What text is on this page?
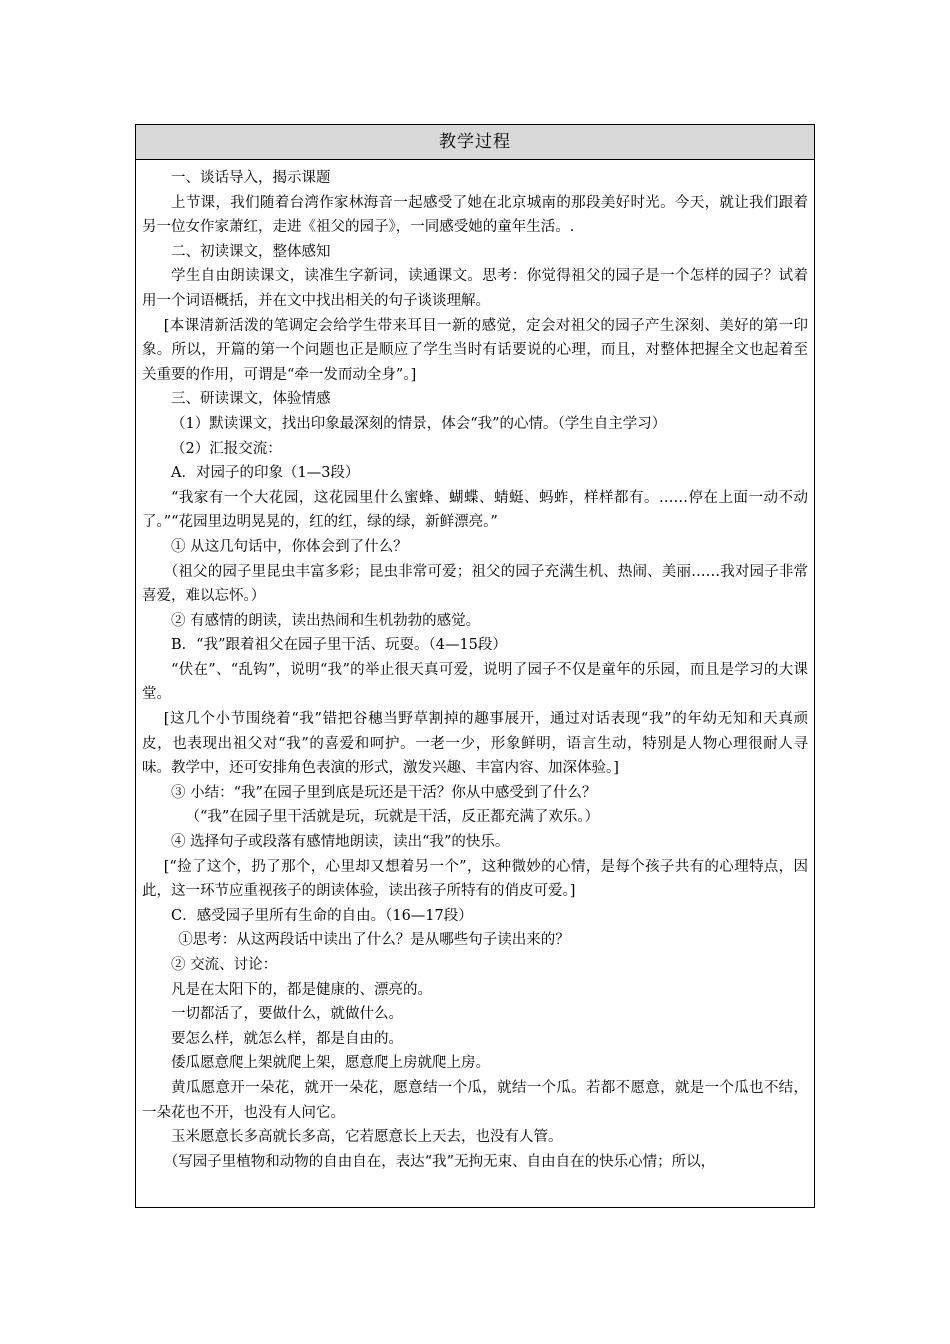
教学过程

一、谈话导入，揭示课题

上节课，我们随着台湾作家林海音一起感受了她在北京城南的那段美好时光。今天，就让我们跟着另一位女作家萧红，走进《祖父的园子》，一同感受她的童年生活。.

二、初读课文，整体感知

学生自由朗读课文，读准生字新词，读通课文。思考：你觉得祖父的园子是一个怎样的园子？试着用一个词语概括，并在文中找出相关的句子谈谈理解。

[本课清新活泼的笔调定会给学生带来耳目一新的感觉，定会对祖父的园子产生深刻、美好的第一印象。所以，开篇的第一个问题也正是顺应了学生当时有话要说的心理，而且，对整体把握全文也起着至关重要的作用，可谓是“牵一发而动全身”。]

三、研读课文，体验情感

（1）默读课文，找出印象最深刻的情景，体会“我”的心情。（学生自主学习）

（2）汇报交流：

A．对园子的印象（1—3段）

“我家有一个大花园，这花园里什么蜜蜂、蝴蝶、蜻蜓、蚂蚱，样样都有。……停在上面一动不动了。”“花园里边明晃晃的，红的红，绿的绿，新鲜漂亮。”

① 从这几句话中，你体会到了什么？

（祖父的园子里昆虫丰富多彩；昆虫非常可爱；祖父的园子充满生机、热闹、美丽……我对园子非常喜爱，难以忘怀。）

② 有感情的朗读，读出热闹和生机勃勃的感觉。

B．“我”跟着祖父在园子里干活、玩耍。（4—15段）

“伏在”、“乱钩”，说明“我”的举止很天真可爱，说明了园子不仅是童年的乐园，而且是学习的大课堂。

[这几个小节围绕着“我”错把谷穗当野草割掉的趣事展开，通过对话表现“我”的年幼无知和天真顽皮，也表现出祖父对“我”的喜爱和呵护。一老一少，形象鲜明，语言生动，特别是人物心理很耐人寻味。教学中，还可安排角色表演的形式，激发兴趣、丰富内容、加深体验。]

③ 小结：“我”在园子里到底是玩还是干活？你从中感受到了什么？

（“我”在园子里干活就是玩，玩就是干活，反正都充满了欢乐。）

④ 选择句子或段落有感情地朗读，读出“我”的快乐。

[“捡了这个，扔了那个，心里却又想着另一个”，这种微妙的心情，是每个孩子共有的心理特点，因此，这一环节应重视孩子的朗读体验，读出孩子所特有的俏皮可爱。]

C．感受园子里所有生命的自由。（16—17段）

①思考：从这两段话中读出了什么？是从哪些句子读出来的？

② 交流、讨论：

凡是在太阳下的，都是健康的、漂亮的。

一切都活了，要做什么，就做什么。

要怎么样，就怎么样，都是自由的。

倭瓜愿意爬上架就爬上架，愿意爬上房就爬上房。

黄瓜愿意开一朵花，就开一朵花，愿意结一个瓜，就结一个瓜。若都不愿意，就是一个瓜也不结，一朵花也不开，也没有人问它。

玉米愿意长多高就长多高，它若愿意长上天去，也没有人管。

（写园子里植物和动物的自由自在，表达“我”无拘无束、自由自在的快乐心情；所以，
